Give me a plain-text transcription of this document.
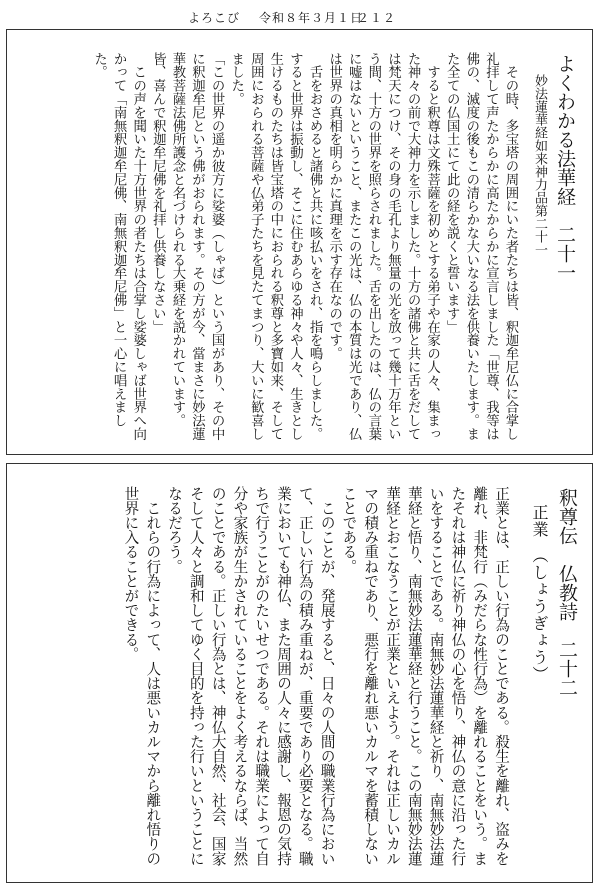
よろこび 令和８年３月１日
２１２
よくわかる法華経　二十一
妙法蓮華経如来神力品第二十一

　その時、多宝塔の周囲にいた者たちは皆、釈迦牟尼仏に合掌し礼拝して声たからかに高たからかに宣言しました「世尊、我等は佛の、滅度の後もこの清らかな大いなる法を供養いたします。また全ての仏国土にて此の経を説くと誓います」

　すると釈尊は文殊菩薩を初めとする弟子や在家の人々、集まった神々の前で大神力を示しました。十方の諸佛と共に舌をだしては梵天につけ、その身の毛孔より無量の光を放って幾十万年という間、十方の世界を照らされました。舌を出したのは、仏の言葉に嘘はないということ、またこの光は、仏の本質は光であり、仏は世界の真相を明らかに真理を示す存在なのです。

　舌をおさめると諸佛と共に咳払いをされ、指を鳴らしました。すると世界は振動し、そこに住むあらゆる神々や人々、生きとし生けるものたちは皆宝塔の中におられる釈尊と多寶如来、そして周囲におられる菩薩や仏弟子たちを見たてまつり、大いに歓喜しました。

「この世界の遥か彼方に娑婆（しゃば）という国があり、その中に釈迦牟尼という佛がおられます。その方が今、當まさに妙法蓮華教菩薩法佛所護念と名づけられる大乗経を説かれています。皆、喜んで釈迦牟尼佛を礼拝し供養しなさい」

　この声を聞いた十方世界の者たちは合掌し娑婆しゃば世界へ向かって「南無釈迦牟尼佛、南無釈迦牟尼佛」と一心に唱えました。

釈尊伝　仏教詩　二十二
正業　（しょうぎょう）

正業とは、正しい行為のことである。殺生を離れ、盗みを離れ、非梵行（みだらな性行為）を離れることをいう。またそれは神仏に祈り神仏の心を悟り、神仏の意に沿った行いをすることである。南無妙法蓮華経と祈り、南無妙法蓮華経と悟り、南無妙法蓮華経と行うこと。この南無妙法蓮華経とおこなうことが正業といえよう。それは正しいカルマの積み重ねであり、悪行を離れ悪いカルマを蓄積しないことである。

　このことが、発展すると、日々の人間の職業行為において、正しい行為の積み重ねが、重要であり必要となる。職業においても神仏、また周囲の人々に感謝し、報恩の気持ちで行うことがのたいせつである。それは職業によって自分や家族が生かされていることをよく考えるならば、当然のことである。正しい行為とは、神仏大自然、社会、国家そして人々と調和してゆく目的を持った行いということになるだろう。

　これらの行為によって、人は悪いカルマから離れ悟りの世界に入ることができる。
